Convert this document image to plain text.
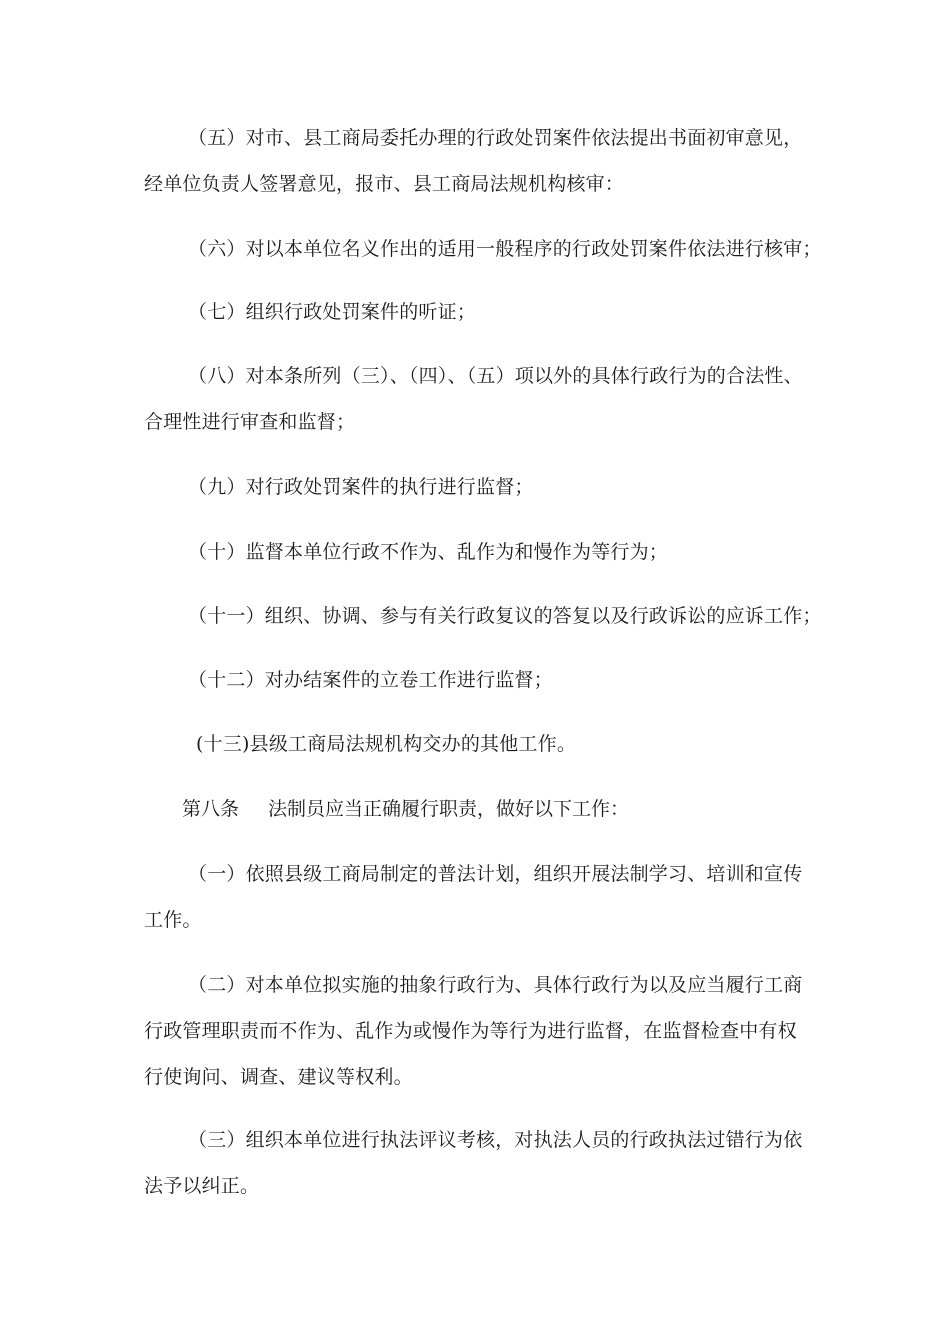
（五）对市、县工商局委托办理的行政处罚案件依法提出书面初审意见，经单位负责人签署意见，报市、县工商局法规机构核审：

（六）对以本单位名义作出的适用一般程序的行政处罚案件依法进行核审；

（七）组织行政处罚案件的听证；

（八）对本条所列（三）、（四）、（五）项以外的具体行政行为的合法性、合理性进行审查和监督；

（九）对行政处罚案件的执行进行监督；

（十）监督本单位行政不作为、乱作为和慢作为等行为；

（十一）组织、协调、参与有关行政复议的答复以及行政诉讼的应诉工作；

（十二）对办结案件的立卷工作进行监督；

(十三)县级工商局法规机构交办的其他工作。

第八条 法制员应当正确履行职责，做好以下工作：

（一）依照县级工商局制定的普法计划，组织开展法制学习、培训和宣传工作。

（二）对本单位拟实施的抽象行政行为、具体行政行为以及应当履行工商行政管理职责而不作为、乱作为或慢作为等行为进行监督，在监督检查中有权行使询问、调查、建议等权利。

（三）组织本单位进行执法评议考核，对执法人员的行政执法过错行为依法予以纠正。
